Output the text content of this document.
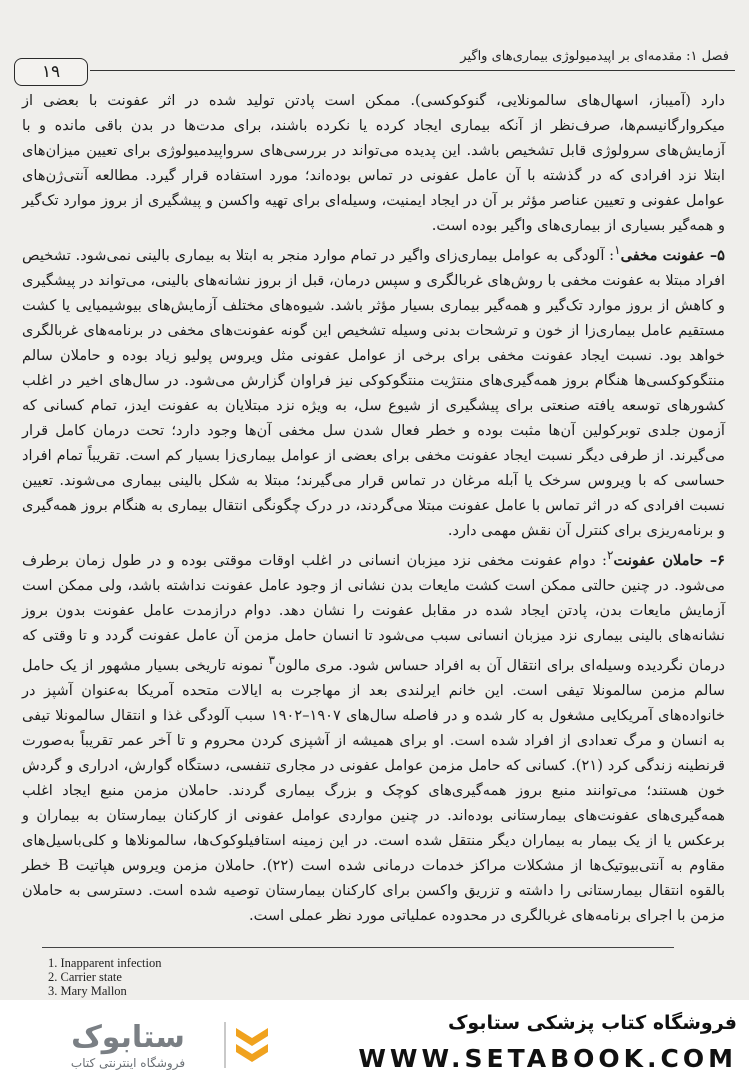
۱۹
فصل ۱: مقدمه‌ای بر اپیدمیولوژی بیماری‌های واگیر

دارد (آمیباز، اسهال‌های سالمونلایی، گنوکوکسی). ممکن است پادتن تولید شده در اثر عفونت با بعضی از میکروارگانیسم‌ها، صرف‌نظر از آنکه بیماری ایجاد کرده یا نکرده باشند، برای مدت‌ها در بدن باقی مانده و با آزمایش‌های سرولوژی قابل تشخیص باشد. این پدیده می‌تواند در بررسی‌های سرواپیدمیولوژی برای تعیین میزان‌های ابتلا نزد افرادی که در گذشته با آن عامل عفونی در تماس بوده‌اند؛ مورد استفاده قرار گیرد. مطالعه آنتی‌ژن‌های عوامل عفونی و تعیین عناصر مؤثر بر آن در ایجاد ایمنیت، وسیله‌ای برای تهیه واکسن و پیشگیری از بروز موارد تک‌گیر و همه‌گیر بسیاری از بیماری‌های واگیر بوده است.

۵– عفونت مخفی$^۱$: آلودگی به عوامل بیماری‌زای واگیر در تمام موارد منجر به ابتلا به بیماری بالینی نمی‌شود. تشخیص افراد مبتلا به عفونت مخفی با روش‌های غربالگری و سپس درمان، قبل از بروز نشانه‌های بالینی، می‌تواند در پیشگیری و کاهش از بروز موارد تک‌گیر و همه‌گیر بیماری بسیار مؤثر باشد. شیوه‌های مختلف آزمایش‌های بیوشیمیایی یا کشت مستقیم عامل بیماری‌زا از خون و ترشحات بدنی وسیله تشخیص این گونه عفونت‌های مخفی در برنامه‌های غربالگری خواهد بود. نسبت ایجاد عفونت مخفی برای برخی از عوامل عفونی مثل ویروس پولیو زیاد بوده و حاملان سالم منتگوکوکسی‌ها هنگام بروز همه‌گیری‌های منتژیت منتگوکوکی نیز فراوان گزارش می‌شود. در سال‌های اخیر در اغلب کشورهای توسعه یافته صنعتی برای پیشگیری از شیوع سل، به ویژه نزد مبتلایان به عفونت ایدز، تمام کسانی که آزمون جلدی توبرکولین آن‌ها مثبت بوده و خطر فعال شدن سل مخفی آن‌ها وجود دارد؛ تحت درمان کامل قرار می‌گیرند. از طرفی دیگر نسبت ایجاد عفونت مخفی برای بعضی از عوامل بیماری‌زا بسیار کم است. تقریباً تمام افراد حساسی که با ویروس سرخک یا آبله مرغان در تماس قرار می‌گیرند؛ مبتلا به شکل بالینی بیماری می‌شوند. تعیین نسبت افرادی که در اثر تماس با عامل عفونت مبتلا می‌گردند، در درک چگونگی انتقال بیماری به هنگام بروز همه‌گیری و برنامه‌ریزی برای کنترل آن نقش مهمی دارد.

۶– حاملان عفونت$^۲$: دوام عفونت مخفی نزد میزبان انسانی در اغلب اوقات موقتی بوده و در طول زمان برطرف می‌شود. در چنین حالتی ممکن است کشت مایعات بدن نشانی از وجود عامل عفونت نداشته باشد، ولی ممکن است آزمایش مایعات بدن، پادتن ایجاد شده در مقابل عفونت را نشان دهد. دوام درازمدت عامل عفونت بدون بروز نشانه‌های بالینی بیماری نزد میزبان انسانی سبب می‌شود تا انسان حامل مزمن آن عامل عفونت گردد و تا وقتی که درمان نگردیده وسیله‌ای برای انتقال آن به افراد حساس شود. مری مالون$^۳$ نمونه تاریخی بسیار مشهور از یک حامل سالم مزمن سالمونلا تیفی است. این خانم ایرلندی بعد از مهاجرت به ایالات متحده آمریکا به‌عنوان آشپز در خانواده‌های آمریکایی مشغول به کار شده و در فاصله سال‌های ۱۹۰۷–۱۹۰۲ سبب آلودگی غذا و انتقال سالمونلا تیفی به انسان و مرگ تعدادی از افراد شده است. او برای همیشه از آشپزی کردن محروم و تا آخر عمر تقریباً به‌صورت قرنطینه زندگی کرد (۲۱). کسانی که حامل مزمن عوامل عفونی در مجاری تنفسی، دستگاه گوارش، ادراری و گردش خون هستند؛ می‌توانند منبع بروز همه‌گیری‌های کوچک و بزرگ بیماری گردند. حاملان مزمن منبع ایجاد اغلب همه‌گیری‌های عفونت‌های بیمارستانی بوده‌اند. در چنین مواردی عوامل عفونی از کارکنان بیمارستان به بیماران و برعکس یا از یک بیمار به بیماران دیگر منتقل شده است. در این زمینه استافیلوکوک‌ها، سالمونلاها و کلی‌باسیل‌های مقاوم به آنتی‌بیوتیک‌ها از مشکلات مراکز خدمات درمانی شده است (۲۲). حاملان مزمن ویروس هپاتیت B خطر بالقوه انتقال بیمارستانی را داشته و تزریق واکسن برای کارکنان بیمارستان توصیه شده است. دسترسی به حاملان مزمن با اجرای برنامه‌های غربالگری در محدوده عملیاتی مورد نظر عملی است.

1. Inapparent infection
2. Carrier state
3. Mary Mallon
ستابوک
فروشگاه اینترنتی کتاب
فروشگاه کتاب پزشکی ستابوک
WWW.SETABOOK.COM
